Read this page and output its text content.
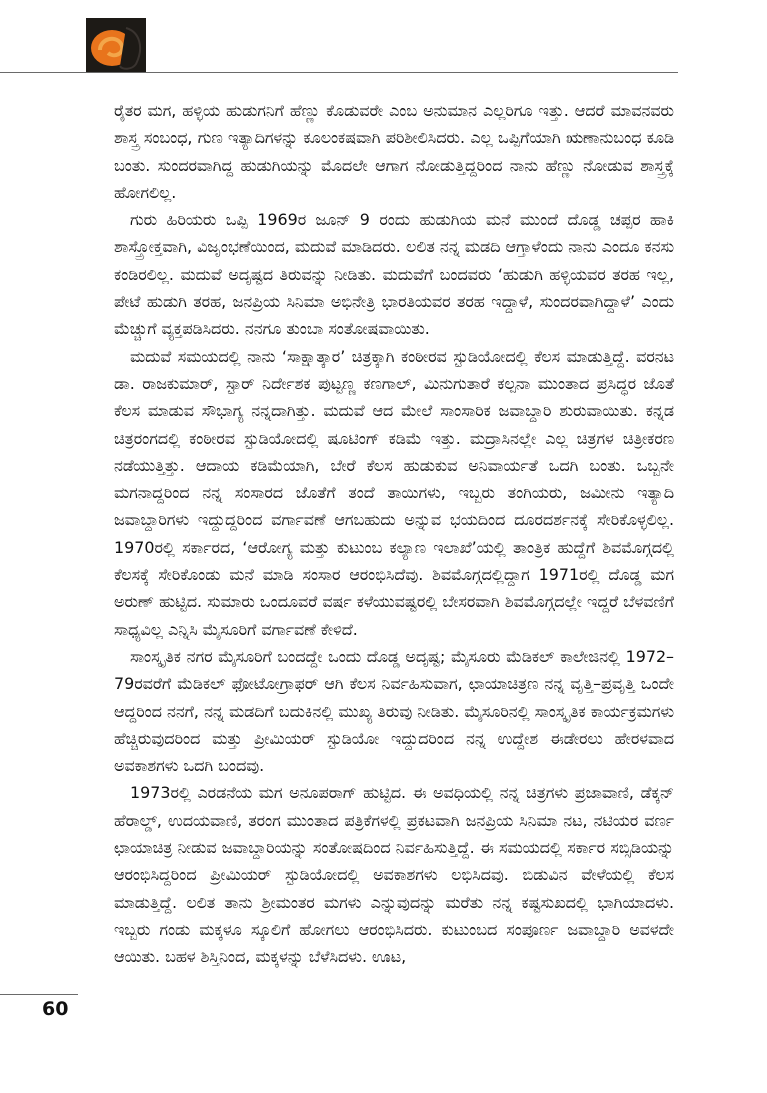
ರೈತರ ಮಗ, ಹಳ್ಳಿಯ ಹುಡುಗನಿಗೆ ಹೆಣ್ಣು ಕೊಡುವರೇ ಎಂಬ ಅನುಮಾನ ಎಲ್ಲರಿಗೂ ಇತ್ತು. ಆದರೆ ಮಾವನವರು ಶಾಸ್ತ್ರ ಸಂಬಂಧ, ಗುಣ ಇತ್ಯಾದಿಗಳನ್ನು ಕೂಲಂಕಷವಾಗಿ ಪರಿಶೀಲಿಸಿದರು. ಎಲ್ಲ ಒಪ್ಪಿಗೆಯಾಗಿ ಋಣಾನುಬಂಧ ಕೂಡಿ ಬಂತು. ಸುಂದರವಾಗಿದ್ದ ಹುಡುಗಿಯನ್ನು ಮೊದಲೇ ಆಗಾಗ ನೋಡುತ್ತಿದ್ದರಿಂದ ನಾನು ಹೆಣ್ಣು ನೋಡುವ ಶಾಸ್ತ್ರಕ್ಕೆ ಹೋಗಲಿಲ್ಲ.

ಗುರು ಹಿರಿಯರು ಒಪ್ಪಿ 1969ರ ಜೂನ್ 9 ರಂದು ಹುಡುಗಿಯ ಮನೆ ಮುಂದೆ ದೊಡ್ಡ ಚಪ್ಪರ ಹಾಕಿ ಶಾಸ್ತ್ರೋಕ್ತವಾಗಿ, ವಿಜೃಂಭಣೆಯಿಂದ, ಮದುವೆ ಮಾಡಿದರು. ಲಲಿತ ನನ್ನ ಮಡದಿ ಆಗ್ತಾಳೆಂದು ನಾನು ಎಂದೂ ಕನಸು ಕಂಡಿರಲಿಲ್ಲ. ಮದುವೆ ಅದೃಷ್ಟದ ತಿರುವನ್ನು ನೀಡಿತು. ಮದುವೆಗೆ ಬಂದವರು ‘ಹುಡುಗಿ ಹಳ್ಳಿಯವರ ತರಹ ಇಲ್ಲ, ಪೇಟೆ ಹುಡುಗಿ ತರಹ, ಜನಪ್ರಿಯ ಸಿನಿಮಾ ಅಭಿನೇತ್ರಿ ಭಾರತಿಯವರ ತರಹ ಇದ್ದಾಳೆ, ಸುಂದರವಾಗಿದ್ದಾಳೆ’ ಎಂದು ಮೆಚ್ಚುಗೆ ವ್ಯಕ್ತಪಡಿಸಿದರು. ನನಗೂ ತುಂಬಾ ಸಂತೋಷವಾಯಿತು.

ಮದುವೆ ಸಮಯದಲ್ಲಿ ನಾನು ‘ಸಾಕ್ಷಾತ್ಕಾರ’ ಚಿತ್ರಕ್ಕಾಗಿ ಕಂಠೀರವ ಸ್ಟುಡಿಯೋದಲ್ಲಿ ಕೆಲಸ ಮಾಡುತ್ತಿದ್ದೆ. ವರನಟ ಡಾ. ರಾಜಕುಮಾರ್, ಸ್ಟಾರ್ ನಿರ್ದೇಶಕ ಪುಟ್ಟಣ್ಣ ಕಣಗಾಲ್, ಮಿನುಗುತಾರೆ ಕಲ್ಪನಾ ಮುಂತಾದ ಪ್ರಸಿದ್ಧರ ಜೊತೆ ಕೆಲಸ ಮಾಡುವ ಸೌಭಾಗ್ಯ ನನ್ನದಾಗಿತ್ತು. ಮದುವೆ ಆದ ಮೇಲೆ ಸಾಂಸಾರಿಕ ಜವಾಬ್ದಾರಿ ಶುರುವಾಯಿತು. ಕನ್ನಡ ಚಿತ್ರರಂಗದಲ್ಲಿ ಕಂಠೀರವ ಸ್ಟುಡಿಯೋದಲ್ಲಿ ಷೂಟಿಂಗ್ ಕಡಿಮೆ ಇತ್ತು. ಮದ್ರಾಸಿನಲ್ಲೇ ಎಲ್ಲ ಚಿತ್ರಗಳ ಚಿತ್ರೀಕರಣ ನಡೆಯುತ್ತಿತ್ತು. ಆದಾಯ ಕಡಿಮೆಯಾಗಿ, ಬೇರೆ ಕೆಲಸ ಹುಡುಕುವ ಅನಿವಾರ್ಯತೆ ಒದಗಿ ಬಂತು. ಒಬ್ಬನೇ ಮಗನಾದ್ದರಿಂದ ನನ್ನ ಸಂಸಾರದ ಜೊತೆಗೆ ತಂದೆ ತಾಯಿಗಳು, ಇಬ್ಬರು ತಂಗಿಯರು, ಜಮೀನು ಇತ್ಯಾದಿ ಜವಾಬ್ದಾರಿಗಳು ಇದ್ದುದ್ದರಿಂದ ವರ್ಗಾವಣೆ ಆಗಬಹುದು ಅನ್ನುವ ಭಯದಿಂದ ದೂರದರ್ಶನಕ್ಕೆ ಸೇರಿಕೊಳ್ಳಲಿಲ್ಲ. 1970ರಲ್ಲಿ ಸರ್ಕಾರದ, ‘ಆರೋಗ್ಯ ಮತ್ತು ಕುಟುಂಬ ಕಲ್ಯಾಣ ಇಲಾಖೆ’ಯಲ್ಲಿ ತಾಂತ್ರಿಕ ಹುದ್ದೆಗೆ ಶಿವಮೊಗ್ಗದಲ್ಲಿ ಕೆಲಸಕ್ಕೆ ಸೇರಿಕೊಂಡು ಮನೆ ಮಾಡಿ ಸಂಸಾರ ಆರಂಭಿಸಿದೆವು. ಶಿವಮೊಗ್ಗದಲ್ಲಿದ್ದಾಗ 1971ರಲ್ಲಿ ದೊಡ್ಡ ಮಗ ಅರುಣ್ ಹುಟ್ಟಿದ. ಸುಮಾರು ಒಂದೂವರೆ ವರ್ಷ ಕಳೆಯುವಷ್ಟರಲ್ಲಿ ಬೇಸರವಾಗಿ ಶಿವಮೊಗ್ಗದಲ್ಲೇ ಇದ್ದರೆ ಬೆಳವಣಿಗೆ ಸಾಧ್ಯವಿಲ್ಲ ಎನ್ನಿಸಿ ಮೈಸೂರಿಗೆ ವರ್ಗಾವಣೆ ಕೇಳಿದೆ.

ಸಾಂಸ್ಕೃತಿಕ ನಗರ ಮೈಸೂರಿಗೆ ಬಂದದ್ದೇ ಒಂದು ದೊಡ್ಡ ಅದೃಷ್ಟ; ಮೈಸೂರು ಮೆಡಿಕಲ್ ಕಾಲೇಜಿನಲ್ಲಿ 1972–79ರವರೆಗೆ ಮೆಡಿಕಲ್ ಫೋಟೋಗ್ರಾಫರ್ ಆಗಿ ಕೆಲಸ ನಿರ್ವಹಿಸುವಾಗ, ಛಾಯಾಚಿತ್ರಣ ನನ್ನ ವೃತ್ತಿ–ಪ್ರವೃತ್ತಿ ಒಂದೇ ಆದ್ದರಿಂದ ನನಗೆ, ನನ್ನ ಮಡದಿಗೆ ಬದುಕಿನಲ್ಲಿ ಮುಖ್ಯ ತಿರುವು ನೀಡಿತು. ಮೈಸೂರಿನಲ್ಲಿ ಸಾಂಸ್ಕೃತಿಕ ಕಾರ್ಯಕ್ರಮಗಳು ಹೆಚ್ಚಿರುವುದರಿಂದ ಮತ್ತು ಪ್ರೀಮಿಯರ್ ಸ್ಟುಡಿಯೋ ಇದ್ದುದರಿಂದ ನನ್ನ ಉದ್ದೇಶ ಈಡೇರಲು ಹೇರಳವಾದ ಅವಕಾಶಗಳು ಒದಗಿ ಬಂದವು.

1973ರಲ್ಲಿ ಎರಡನೆಯ ಮಗ ಅನೂಪರಾಗ್ ಹುಟ್ಟಿದ. ಈ ಅವಧಿಯಲ್ಲಿ ನನ್ನ ಚಿತ್ರಗಳು ಪ್ರಜಾವಾಣಿ, ಡೆಕ್ಕನ್ ಹೆರಾಲ್ಡ್, ಉದಯವಾಣಿ, ತರಂಗ ಮುಂತಾದ ಪತ್ರಿಕೆಗಳಲ್ಲಿ ಪ್ರಕಟವಾಗಿ ಜನಪ್ರಿಯ ಸಿನಿಮಾ ನಟ, ನಟಿಯರ ವರ್ಣ ಛಾಯಾಚಿತ್ರ ನೀಡುವ ಜವಾಬ್ದಾರಿಯನ್ನು ಸಂತೋಷದಿಂದ ನಿರ್ವಹಿಸುತ್ತಿದ್ದೆ. ಈ ಸಮಯದಲ್ಲಿ ಸರ್ಕಾರ ಸಬ್ಸಿಡಿಯನ್ನು ಆರಂಭಿಸಿದ್ದರಿಂದ ಪ್ರೀಮಿಯರ್ ಸ್ಟುಡಿಯೋದಲ್ಲಿ ಅವಕಾಶಗಳು ಲಭಿಸಿದವು. ಬಿಡುವಿನ ವೇಳೆಯಲ್ಲಿ ಕೆಲಸ ಮಾಡುತ್ತಿದ್ದೆ. ಲಲಿತ ತಾನು ಶ್ರೀಮಂತರ ಮಗಳು ಎನ್ನುವುದನ್ನು ಮರೆತು ನನ್ನ ಕಷ್ಟಸುಖದಲ್ಲಿ ಭಾಗಿಯಾದಳು. ಇಬ್ಬರು ಗಂಡು ಮಕ್ಕಳೂ ಸ್ಕೂಲಿಗೆ ಹೋಗಲು ಆರಂಭಿಸಿದರು. ಕುಟುಂಬದ ಸಂಪೂರ್ಣ ಜವಾಬ್ದಾರಿ ಅವಳದೇ ಆಯಿತು. ಬಹಳ ಶಿಸ್ತಿನಿಂದ, ಮಕ್ಕಳನ್ನು ಬೆಳೆಸಿದಳು. ಊಟ,

60
